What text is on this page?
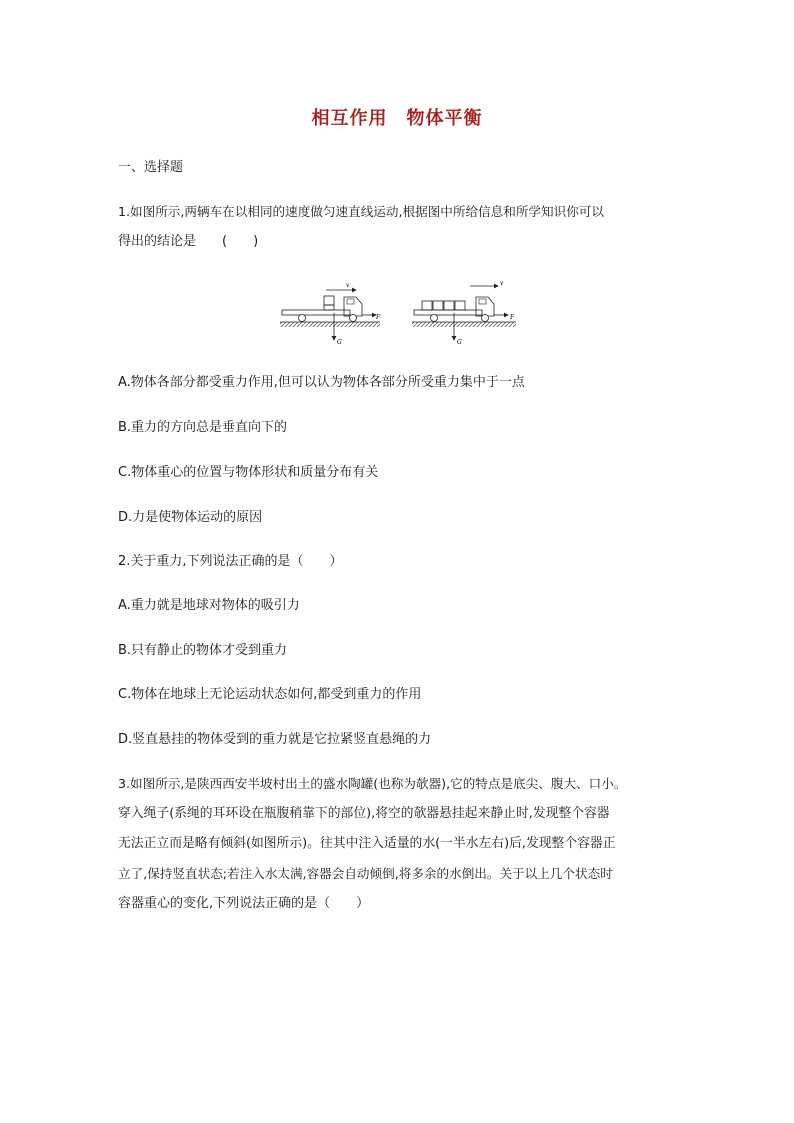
相互作用　物体平衡
一、选择题
1.如图所示,两辆车在以相同的速度做匀速直线运动,根据图中所给信息和所学知识你可以
得出的结论是　　(　　)
v
F
G
v
F
G
A.物体各部分都受重力作用,但可以认为物体各部分所受重力集中于一点
B.重力的方向总是垂直向下的
C.物体重心的位置与物体形状和质量分布有关
D.力是使物体运动的原因
2.关于重力,下列说法正确的是（　　）
A.重力就是地球对物体的吸引力
B.只有静止的物体才受到重力
C.物体在地球上无论运动状态如何,都受到重力的作用
D.竖直悬挂的物体受到的重力就是它拉紧竖直悬绳的力
3.如图所示,是陕西西安半坡村出土的盛水陶罐(也称为欹器),它的特点是底尖、腹大、口小。
穿入绳子(系绳的耳环设在瓶腹稍靠下的部位),将空的欹器悬挂起来静止时,发现整个容器
无法正立而是略有倾斜(如图所示)。往其中注入适量的水(一半水左右)后,发现整个容器正
立了,保持竖直状态;若注入水太满,容器会自动倾倒,将多余的水倒出。关于以上几个状态时
容器重心的变化,下列说法正确的是（　　）
